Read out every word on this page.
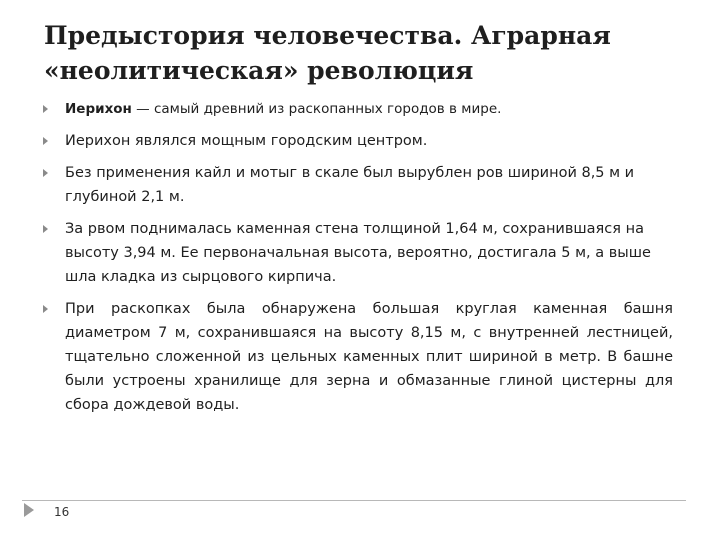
Предыстория человечества. Аграрная
«неолитическая» революция
Иерихон — самый древний из раскопанных городов в мире.
Иерихон являлся мощным городским центром.
Без применения кайл и мотыг в скале был вырублен ров шириной 8,5 м и глубиной 2,1 м.
За рвом поднималась каменная стена толщиной 1,64 м, сохранившаяся на высоту 3,94 м. Ее первоначальная высота, вероятно, достигала 5 м, а выше шла кладка из сырцового кирпича.
При раскопках была обнаружена большая круглая каменная башня диаметром 7 м, сохранившаяся на высоту 8,15 м, с внутренней лестницей, тщательно сложенной из цельных каменных плит шириной в метр. В башне были устроены хранилище для зерна и обмазанные глиной цистерны для сбора дождевой воды.
16
